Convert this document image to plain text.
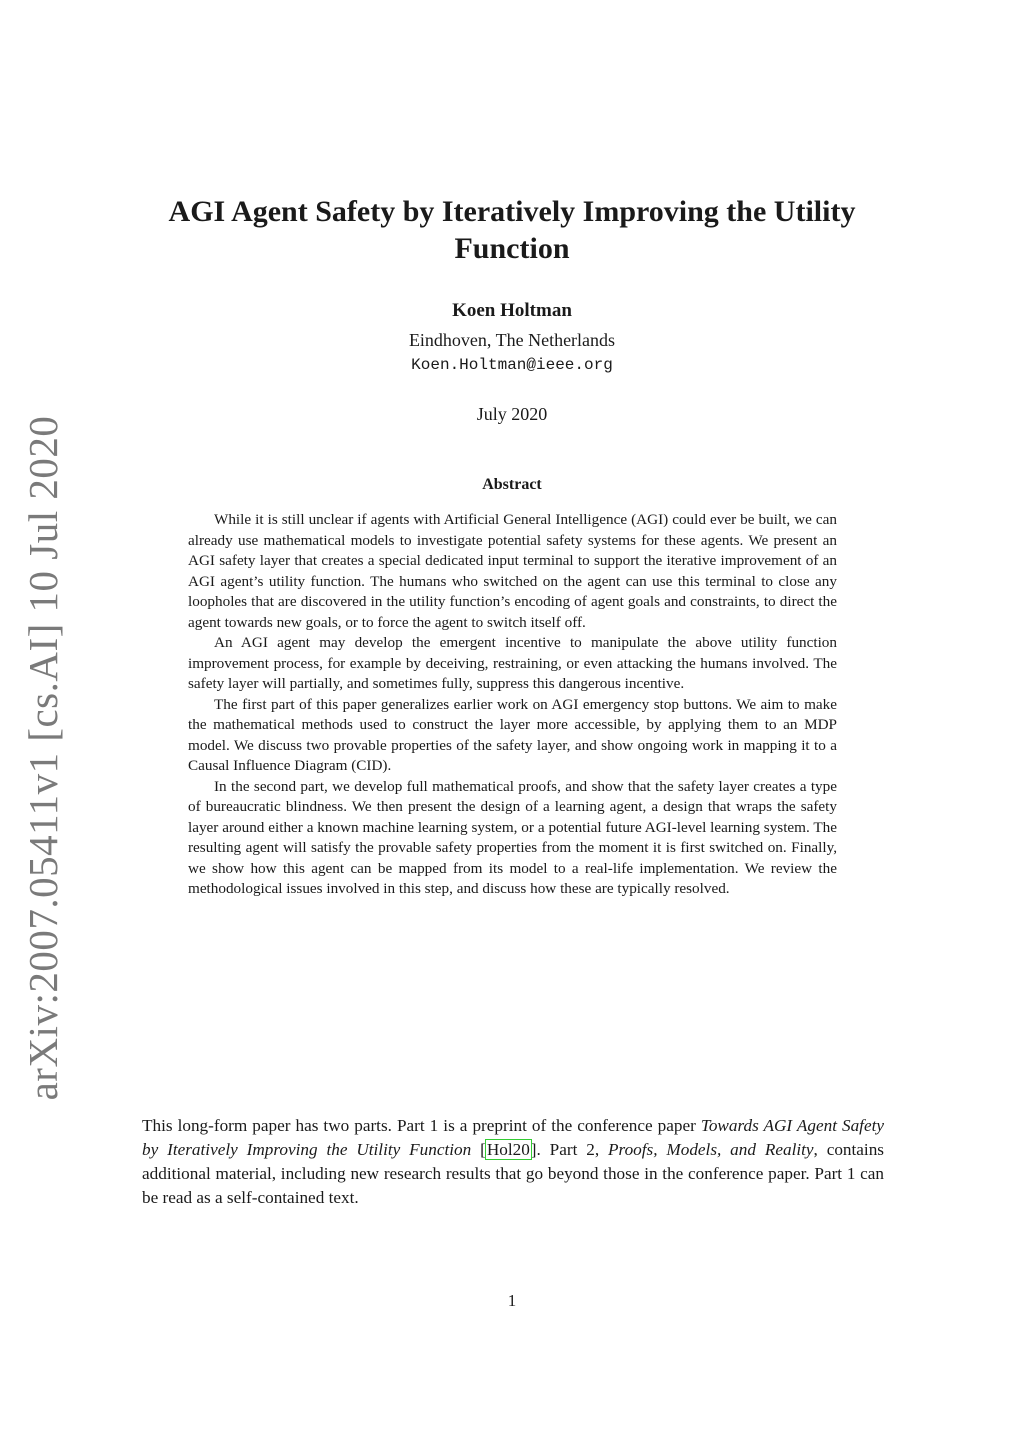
arXiv:2007.05411v1 [cs.AI] 10 Jul 2020
AGI Agent Safety by Iteratively Improving the Utility Function
Koen Holtman
Eindhoven, The Netherlands
Koen.Holtman@ieee.org
July 2020
Abstract

While it is still unclear if agents with Artificial General Intelligence (AGI) could ever be built, we can already use mathematical models to investigate potential safety systems for these agents. We present an AGI safety layer that creates a special dedicated input terminal to support the iterative improvement of an AGI agent’s utility function. The humans who switched on the agent can use this terminal to close any loopholes that are discovered in the utility function’s encoding of agent goals and constraints, to direct the agent towards new goals, or to force the agent to switch itself off.

An AGI agent may develop the emergent incentive to manipulate the above utility function improvement process, for example by deceiving, restraining, or even attacking the humans involved. The safety layer will partially, and sometimes fully, suppress this dangerous incentive.

The first part of this paper generalizes earlier work on AGI emergency stop buttons. We aim to make the mathematical methods used to construct the layer more accessible, by applying them to an MDP model. We discuss two provable properties of the safety layer, and show ongoing work in mapping it to a Causal Influence Diagram (CID).

In the second part, we develop full mathematical proofs, and show that the safety layer creates a type of bureaucratic blindness. We then present the design of a learning agent, a design that wraps the safety layer around either a known machine learning system, or a potential future AGI-level learning system. The resulting agent will satisfy the provable safety properties from the moment it is first switched on. Finally, we show how this agent can be mapped from its model to a real-life implementation. We review the methodological issues involved in this step, and discuss how these are typically resolved.

This long-form paper has two parts. Part 1 is a preprint of the conference paper Towards AGI Agent Safety by Iteratively Improving the Utility Function [Hol20]. Part 2, Proofs, Models, and Reality, contains additional material, including new research results that go beyond those in the conference paper. Part 1 can be read as a self-contained text.

1
